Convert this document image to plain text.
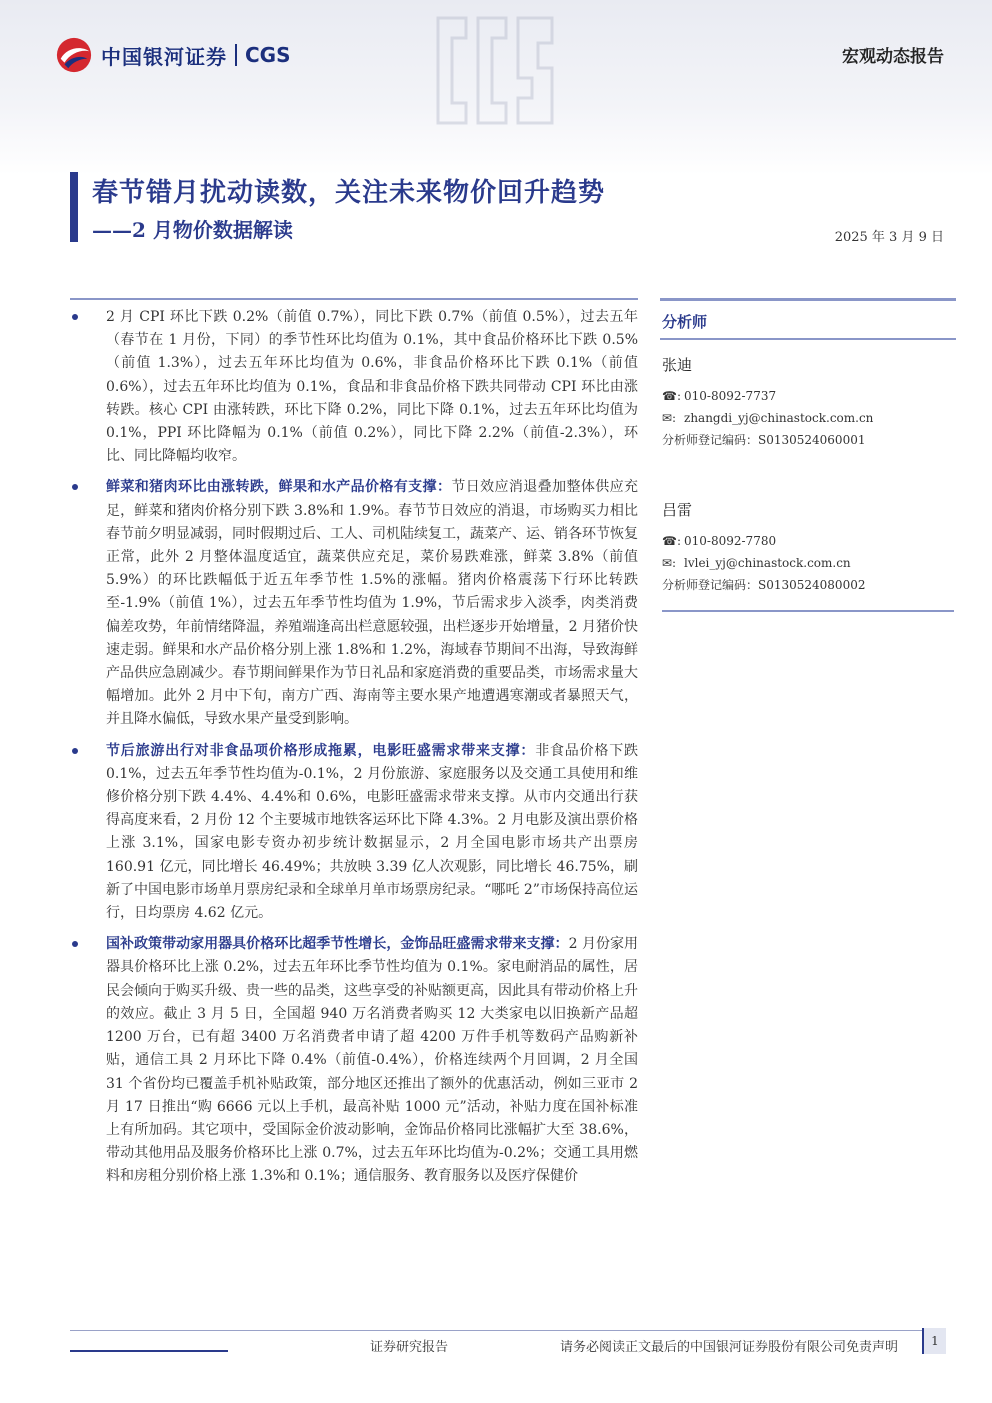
中国银河证券 CGS	宏观动态报告
春节错月扰动读数，关注未来物价回升趋势
——2 月物价数据解读	2025 年 3 月 9 日
2 月 CPI 环比下跌 0.2%（前值 0.7%），同比下跌 0.7%（前值 0.5%），过去五年（春节在 1 月份，下同）的季节性环比均值为 0.1%，其中食品价格环比下跌 0.5%（前值 1.3%），过去五年环比均值为 0.6%，非食品价格环比下跌 0.1%（前值 0.6%），过去五年环比均值为 0.1%，食品和非食品价格下跌共同带动 CPI 环比由涨转跌。核心 CPI 由涨转跌，环比下降 0.2%，同比下降 0.1%，过去五年环比均值为 0.1%，PPI 环比降幅为 0.1%（前值 0.2%），同比下降 2.2%（前值-2.3%），环比、同比降幅均收窄。
鲜菜和猪肉环比由涨转跌，鲜果和水产品价格有支撑：节日效应消退叠加整体供应充足，鲜菜和猪肉价格分别下跌 3.8%和 1.9%。春节节日效应的消退，市场购买力相比春节前夕明显减弱，同时假期过后、工人、司机陆续复工，蔬菜产、运、销各环节恢复正常，此外 2 月整体温度适宜，蔬菜供应充足，菜价易跌难涨，鲜菜 3.8%（前值 5.9%）的环比跌幅低于近五年季节性 1.5%的涨幅。猪肉价格震荡下行环比转跌至-1.9%（前值 1%），过去五年季节性均值为 1.9%，节后需求步入淡季，肉类消费偏差攻势，年前情绪降温，养殖端逢高出栏意愿较强，出栏逐步开始增量，2 月猪价快速走弱。鲜果和水产品价格分别上涨 1.8%和 1.2%，海域春节期间不出海，导致海鲜产品供应急剧减少。春节期间鲜果作为节日礼品和家庭消费的重要品类，市场需求量大幅增加。此外 2 月中下旬，南方广西、海南等主要水果产地遭遇寒潮或者暴照天气，并且降水偏低，导致水果产量受到影响。
节后旅游出行对非食品项价格形成拖累，电影旺盛需求带来支撑：非食品价格下跌 0.1%，过去五年季节性均值为-0.1%，2 月份旅游、家庭服务以及交通工具使用和维修价格分别下跌 4.4%、4.4%和 0.6%，电影旺盛需求带来支撑。从市内交通出行获得高度来看，2 月份 12 个主要城市地铁客运环比下降 4.3%。2 月电影及演出票价格上涨 3.1%，国家电影专资办初步统计数据显示，2 月全国电影市场共产出票房 160.91 亿元，同比增长 46.49%；共放映 3.39 亿人次观影，同比增长 46.75%，刷新了中国电影市场单月票房纪录和全球单月单市场票房纪录。“哪吒 2”市场保持高位运行，日均票房 4.62 亿元。
国补政策带动家用器具价格环比超季节性增长，金饰品旺盛需求带来支撑：2 月份家用器具价格环比上涨 0.2%，过去五年环比季节性均值为 0.1%。家电耐消品的属性，居民会倾向于购买升级、贵一些的品类，这些享受的补贴额更高，因此具有带动价格上升的效应。截止 3 月 5 日，全国超 940 万名消费者购买 12 大类家电以旧换新产品超 1200 万台，已有超 3400 万名消费者申请了超 4200 万件手机等数码产品购新补贴，通信工具 2 月环比下降 0.4%（前值-0.4%），价格连续两个月回调，2 月全国 31 个省份均已覆盖手机补贴政策，部分地区还推出了额外的优惠活动，例如三亚市 2 月 17 日推出“购 6666 元以上手机，最高补贴 1000 元”活动，补贴力度在国补标准上有所加码。其它项中，受国际金价波动影响，金饰品价格同比涨幅扩大至 38.6%，带动其他用品及服务价格环比上涨 0.7%，过去五年环比均值为-0.2%；交通工具用燃料和房租分别价格上涨 1.3%和 0.1%；通信服务、教育服务以及医疗保健价
分析师
张迪
☎: 010-8092-7737
✉: zhangdi_yj@chinastock.com.cn
分析师登记编码：S0130524060001
吕雷
☎: 010-8092-7780
✉: lvlei_yj@chinastock.com.cn
分析师登记编码：S0130524080002
证券研究报告	请务必阅读正文最后的中国银河证券股份有限公司免责声明	1
